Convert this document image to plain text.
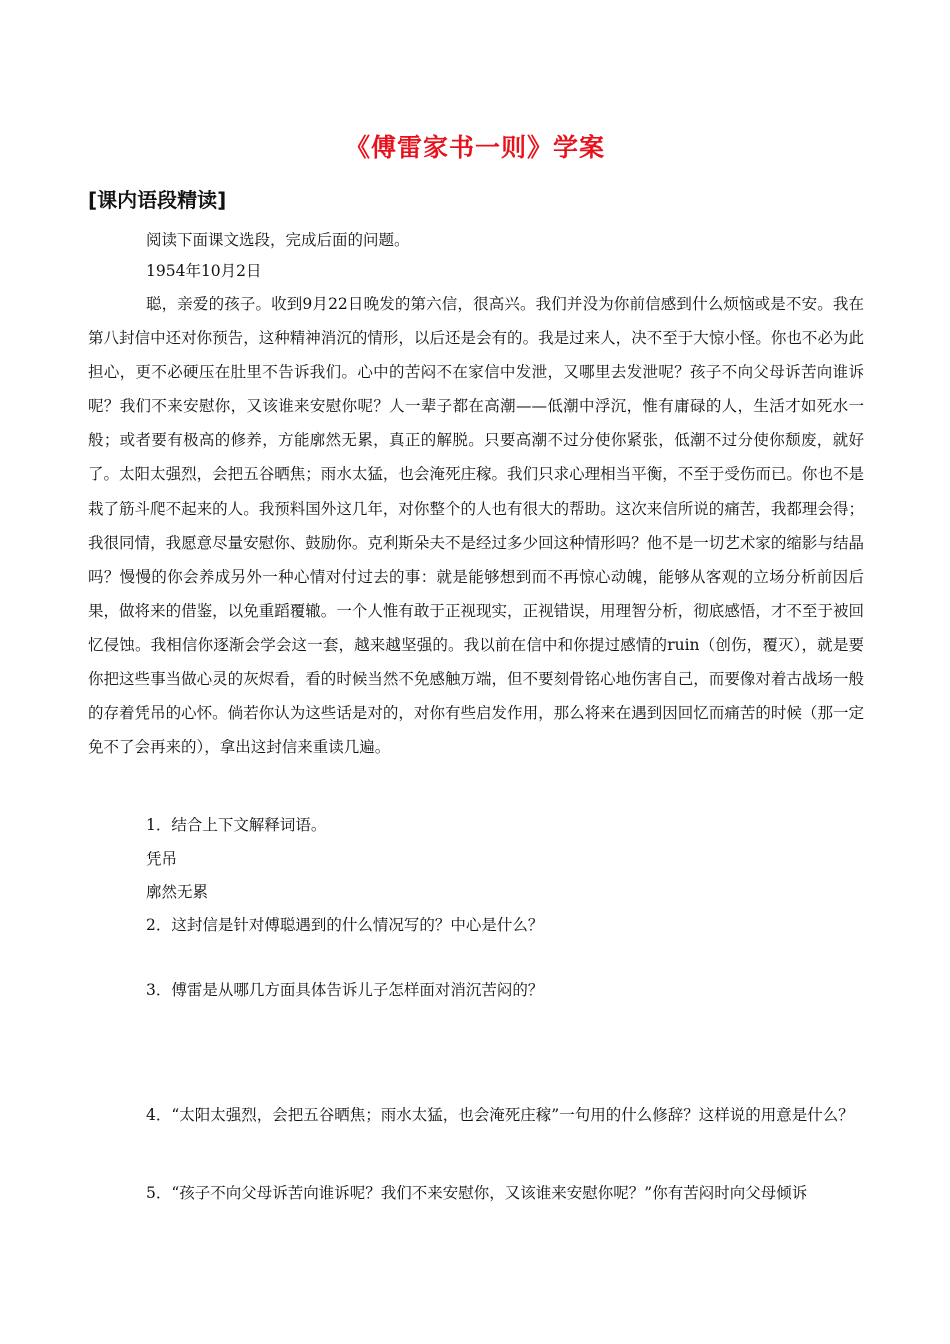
《傅雷家书一则》学案
[课内语段精读]
阅读下面课文选段，完成后面的问题。
1954年10月2日

聪，亲爱的孩子。收到9月22日晚发的第六信，很高兴。我们并没为你前信感到什么烦恼或是不安。我在第八封信中还对你预告，这种精神消沉的情形，以后还是会有的。我是过来人，决不至于大惊小怪。你也不必为此担心，更不必硬压在肚里不告诉我们。心中的苦闷不在家信中发泄，又哪里去发泄呢？孩子不向父母诉苦向谁诉呢？我们不来安慰你，又该谁来安慰你呢？人一辈子都在高潮——低潮中浮沉，惟有庸碌的人，生活才如死水一般；或者要有极高的修养，方能廓然无累，真正的解脱。只要高潮不过分使你紧张，低潮不过分使你颓废，就好了。太阳太强烈，会把五谷晒焦；雨水太猛，也会淹死庄稼。我们只求心理相当平衡，不至于受伤而已。你也不是栽了筋斗爬不起来的人。我预料国外这几年，对你整个的人也有很大的帮助。这次来信所说的痛苦，我都理会得；我很同情，我愿意尽量安慰你、鼓励你。克利斯朵夫不是经过多少回这种情形吗？他不是一切艺术家的缩影与结晶吗？慢慢的你会养成另外一种心情对付过去的事：就是能够想到而不再惊心动魄，能够从客观的立场分析前因后果，做将来的借鉴，以免重蹈覆辙。一个人惟有敢于正视现实，正视错误，用理智分析，彻底感悟，才不至于被回忆侵蚀。我相信你逐渐会学会这一套，越来越坚强的。我以前在信中和你提过感情的ruin（创伤，覆灭），就是要你把这些事当做心灵的灰烬看，看的时候当然不免感触万端，但不要刻骨铭心地伤害自己，而要像对着古战场一般的存着凭吊的心怀。倘若你认为这些话是对的，对你有些启发作用，那么将来在遇到因回忆而痛苦的时候（那一定免不了会再来的），拿出这封信来重读几遍。

1．结合上下文解释词语。
凭吊
廓然无累
2．这封信是针对傅聪遇到的什么情况写的？中心是什么？
3．傅雷是从哪几方面具体告诉儿子怎样面对消沉苦闷的？

4．“太阳太强烈，会把五谷晒焦；雨水太猛，也会淹死庄稼”一句用的什么修辞？这样说的用意是什么？

5．“孩子不向父母诉苦向谁诉呢？我们不来安慰你，又该谁来安慰你呢？”你有苦闷时向父母倾诉
